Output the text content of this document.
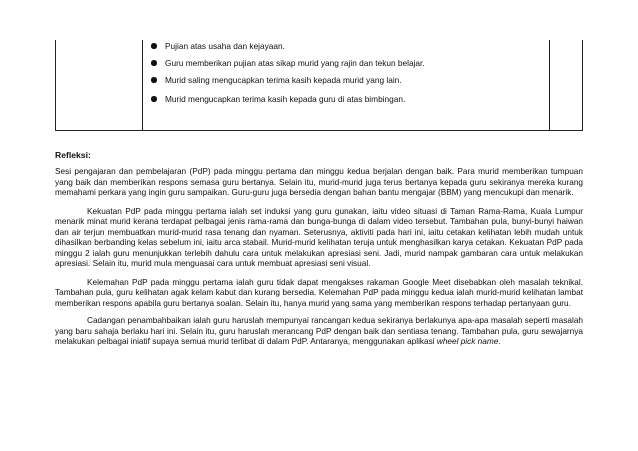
Pujian atas usaha dan kejayaan.
Guru memberikan pujian atas sikap murid yang rajin dan tekun belajar.
Murid saling mengucapkan terima kasih kepada murid yang lain.
Murid mengucapkan terima kasih kepada guru di atas bimbingan.
Refleksi:

Sesi pengajaran dan pembelajaran (PdP) pada minggu pertama dan minggu kedua berjalan dengan baik. Para murid memberikan tumpuan yang baik dan memberikan respons semasa guru bertanya. Selain itu, murid-murid juga terus bertanya kepada guru sekiranya mereka kurang memahami perkara yang ingin guru sampaikan. Guru-guru juga bersedia dengan bahan bantu mengajar (BBM) yang mencukupi dan menarik.

Kekuatan PdP pada minggu pertama ialah set induksi yang guru gunakan, iaitu video situasi di Taman Rama-Rama, Kuala Lumpur menarik minat murid kerana terdapat pelbagai jenis rama-rama dan bunga-bunga di dalam video tersebut. Tambahan pula, bunyi-bunyi haiwan dan air terjun membuatkan murid-murid rasa tenang dan nyaman. Seterusnya, aktiviti pada hari ini, iaitu cetakan kelihatan lebih mudah untuk dihasilkan berbanding kelas sebelum ini, iaitu arca stabail. Murid-murid kelihatan teruja untuk menghasilkan karya cetakan. Kekuatan PdP pada minggu 2 ialah guru menunjukkan terlebih dahulu cara untuk melakukan apresiasi seni. Jadi, murid nampak gambaran cara untuk melakukan apresiasi. Selain itu, murid mula menguasai cara untuk membuat apresiasi seni visual.

Kelemahan PdP pada minggu pertama ialah guru tidak dapat mengakses rakaman Google Meet disebabkan oleh masalah teknikal. Tambahan pula, guru kelihatan agak kelam kabut dan kurang bersedia. Kelemahan PdP pada minggu kedua ialah murid-murid kelihatan lambat memberikan respons apabila guru bertanya soalan. Selain itu, hanya murid yang sama yang memberikan respons terhadap pertanyaan guru.

Cadangan penambahbaikan ialah guru haruslah mempunyai rancangan kedua sekiranya berlakunya apa-apa masalah seperti masalah yang baru sahaja berlaku hari ini. Selain itu, guru haruslah merancang PdP dengan baik dan sentiasa tenang. Tambahan pula, guru sewajarnya melakukan pelbagai iniatif supaya semua murid terlibat di dalam PdP. Antaranya, menggunakan aplikasi wheel pick name.
